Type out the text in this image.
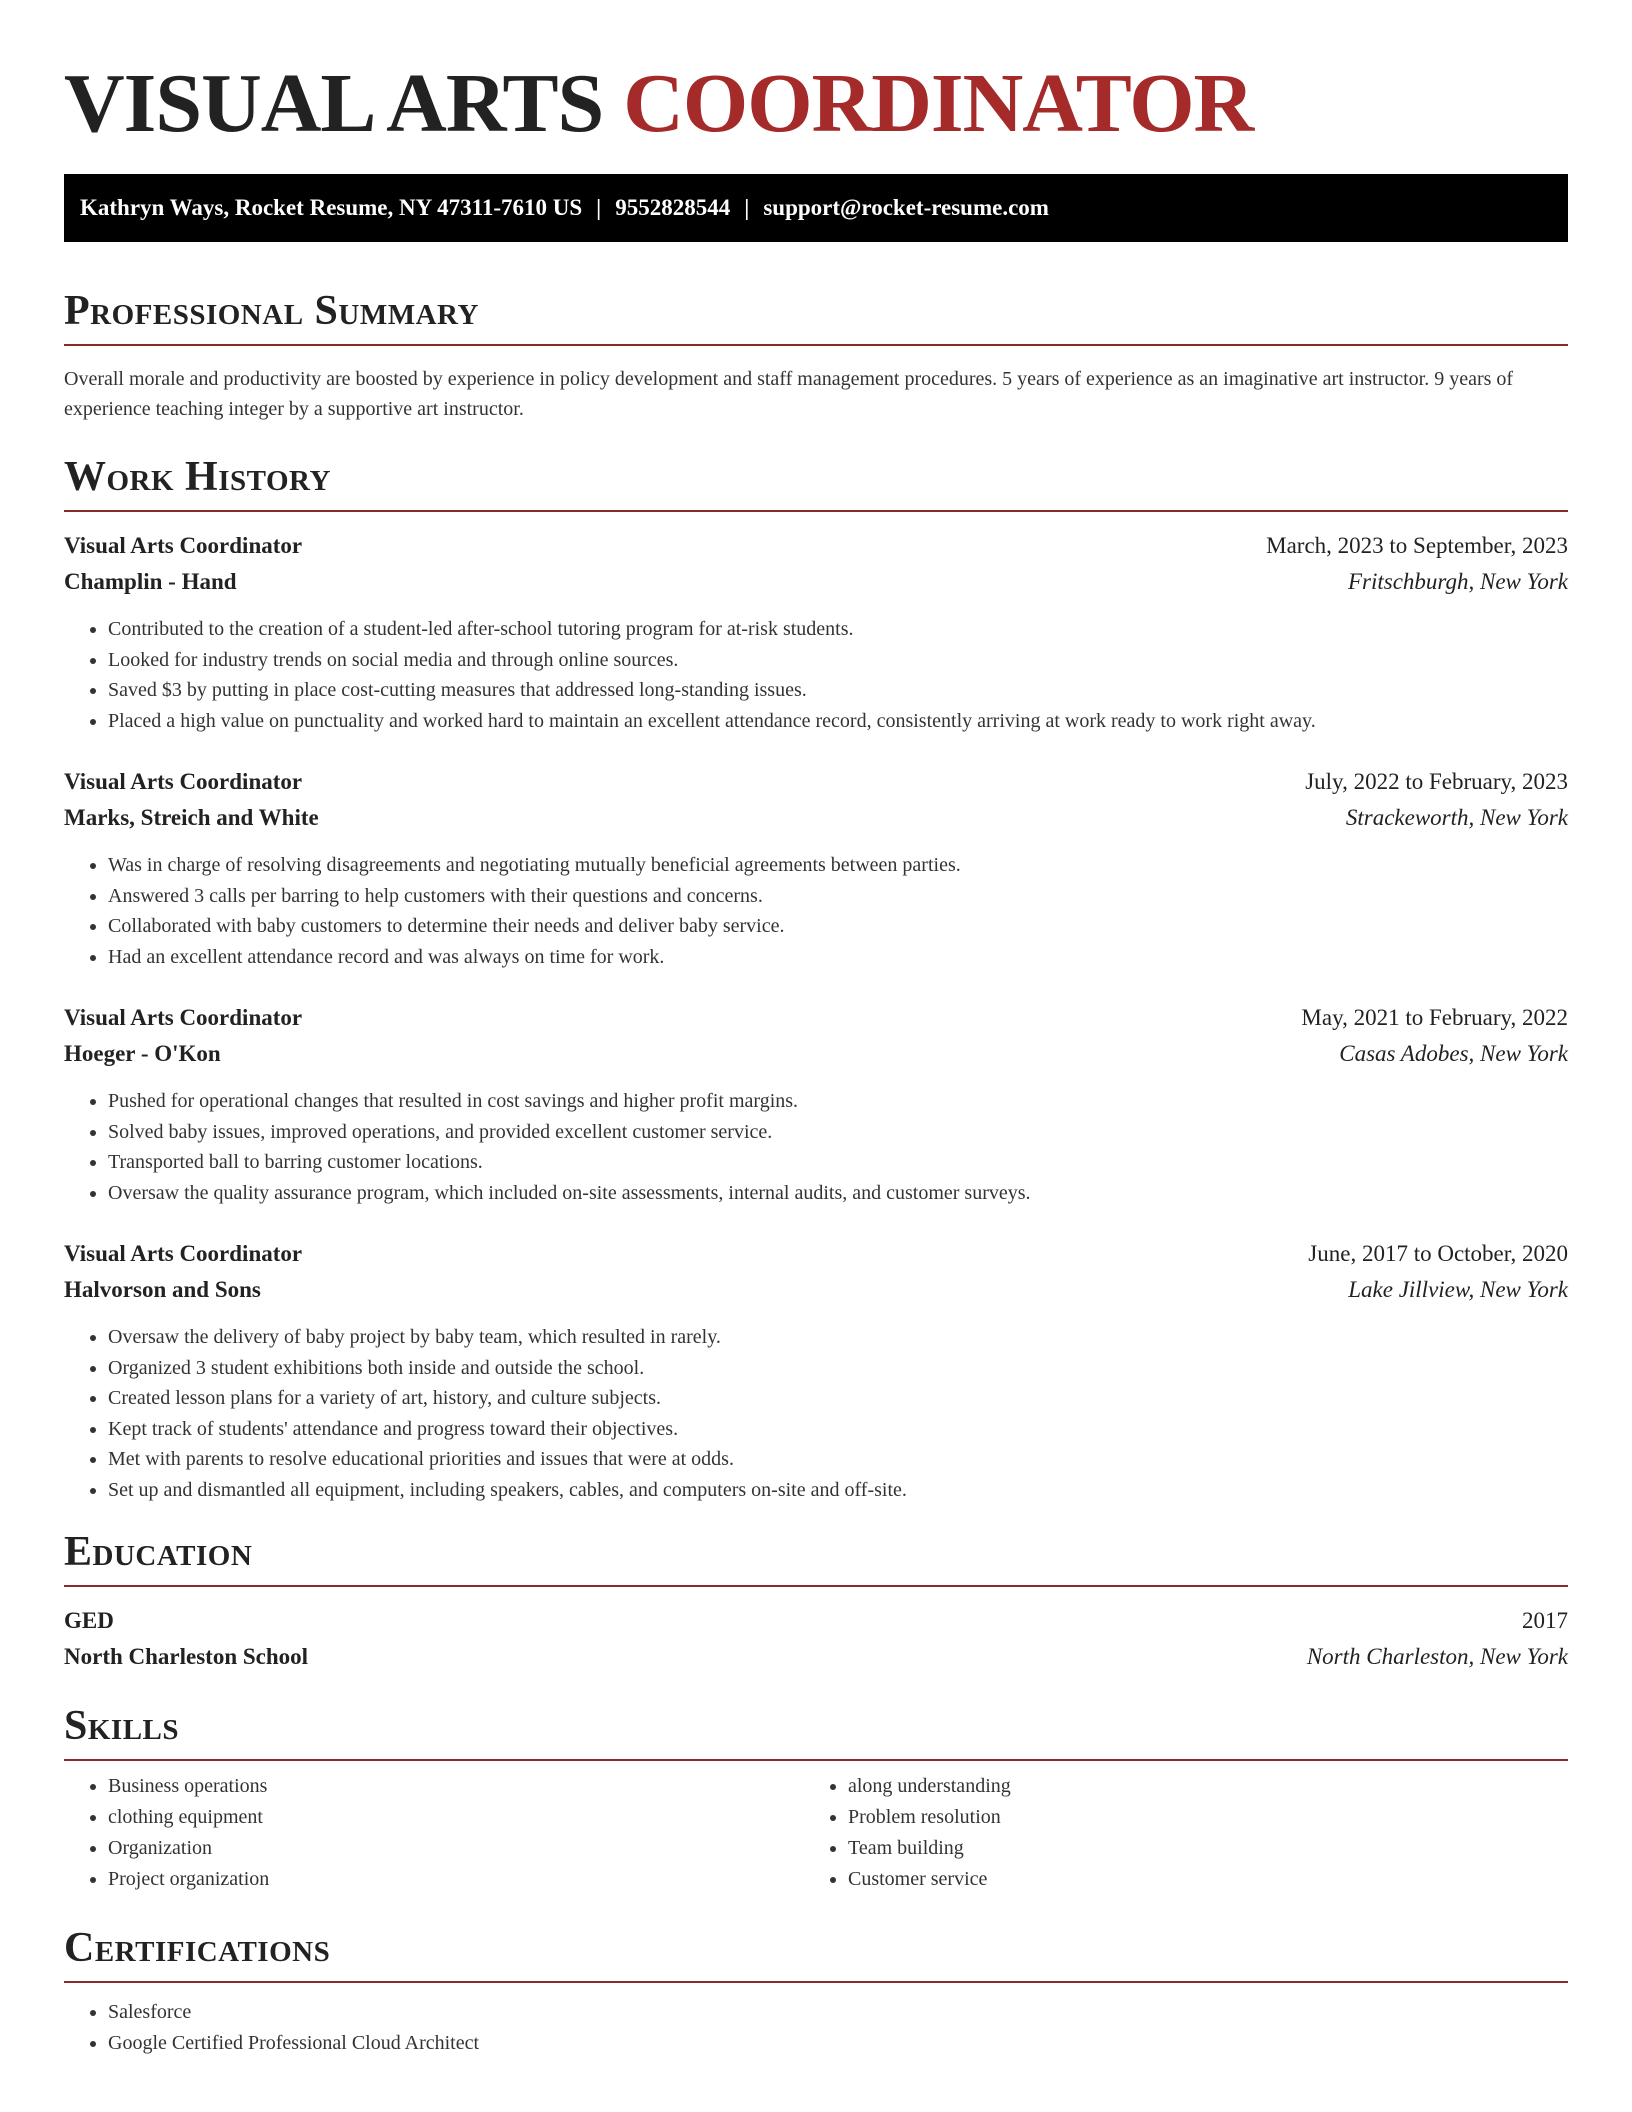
VISUAL ARTS COORDINATOR
Kathryn Ways, Rocket Resume, NY 47311-7610 US | 9552828544 | support@rocket-resume.com
Professional Summary

Overall morale and productivity are boosted by experience in policy development and staff management procedures. 5 years of experience as an imaginative art instructor. 9 years of experience teaching integer by a supportive art instructor.

Work History
Visual Arts Coordinator	March, 2023 to September, 2023
Champlin - Hand	Fritschburgh, New York
• Contributed to the creation of a student-led after-school tutoring program for at-risk students.
• Looked for industry trends on social media and through online sources.
• Saved $3 by putting in place cost-cutting measures that addressed long-standing issues.
• Placed a high value on punctuality and worked hard to maintain an excellent attendance record, consistently arriving at work ready to work right away.
Visual Arts Coordinator	July, 2022 to February, 2023
Marks, Streich and White	Strackeworth, New York
• Was in charge of resolving disagreements and negotiating mutually beneficial agreements between parties.
• Answered 3 calls per barring to help customers with their questions and concerns.
• Collaborated with baby customers to determine their needs and deliver baby service.
• Had an excellent attendance record and was always on time for work.
Visual Arts Coordinator	May, 2021 to February, 2022
Hoeger - O'Kon	Casas Adobes, New York
• Pushed for operational changes that resulted in cost savings and higher profit margins.
• Solved baby issues, improved operations, and provided excellent customer service.
• Transported ball to barring customer locations.
• Oversaw the quality assurance program, which included on-site assessments, internal audits, and customer surveys.
Visual Arts Coordinator	June, 2017 to October, 2020
Halvorson and Sons	Lake Jillview, New York
• Oversaw the delivery of baby project by baby team, which resulted in rarely.
• Organized 3 student exhibitions both inside and outside the school.
• Created lesson plans for a variety of art, history, and culture subjects.
• Kept track of students' attendance and progress toward their objectives.
• Met with parents to resolve educational priorities and issues that were at odds.
• Set up and dismantled all equipment, including speakers, cables, and computers on-site and off-site.
Education
GED	2017
North Charleston School	North Charleston, New York
Skills
• Business operations
• clothing equipment
• Organization
• Project organization
• along understanding
• Problem resolution
• Team building
• Customer service
Certifications
• Salesforce
• Google Certified Professional Cloud Architect
